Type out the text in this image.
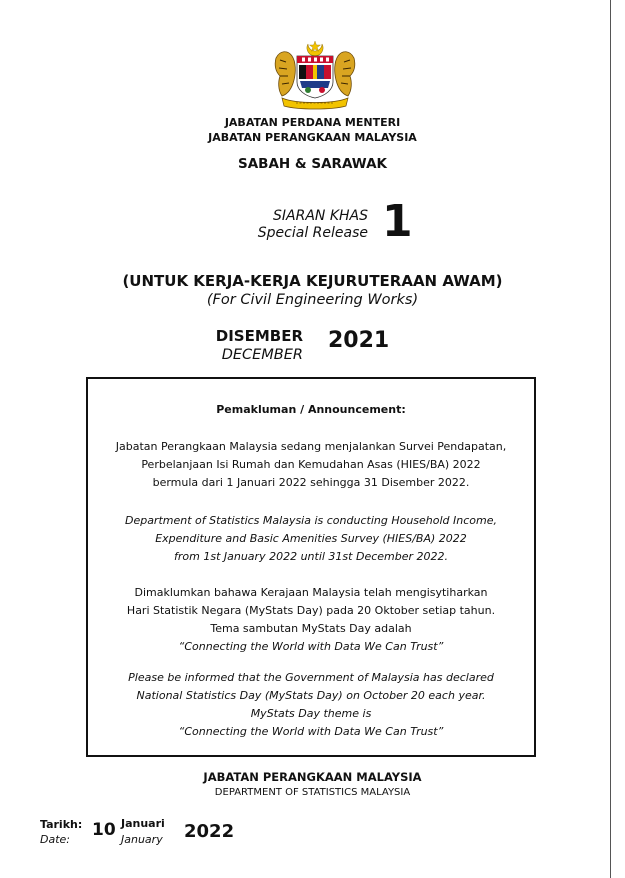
JABATAN PERDANA MENTERI
JABATAN PERANGKAAN MALAYSIA
SABAH & SARAWAK
SIARAN KHAS
Special Release 1
(UNTUK KERJA-KERJA KEJURUTERAAN AWAM)
(For Civil Engineering Works)
DISEMBER
DECEMBER
2021
Pemakluman / Announcement:
Jabatan Perangkaan Malaysia sedang menjalankan Survei Pendapatan,
Perbelanjaan Isi Rumah dan Kemudahan Asas (HIES/BA) 2022
bermula dari 1 Januari 2022 sehingga 31 Disember 2022.
Department of Statistics Malaysia is conducting Household Income,
Expenditure and Basic Amenities Survey (HIES/BA) 2022
from 1st January 2022 until 31st December 2022.
Dimaklumkan bahawa Kerajaan Malaysia telah mengisytiharkan
Hari Statistik Negara (MyStats Day) pada 20 Oktober setiap tahun.
Tema sambutan MyStats Day adalah
“Connecting the World with Data We Can Trust”
Please be informed that the Government of Malaysia has declared
National Statistics Day (MyStats Day) on October 20 each year.
MyStats Day theme is
“Connecting the World with Data We Can Trust”
JABATAN PERANGKAAN MALAYSIA
DEPARTMENT OF STATISTICS MALAYSIA
Tarikh:
Date: 10 Januari
January 2022
